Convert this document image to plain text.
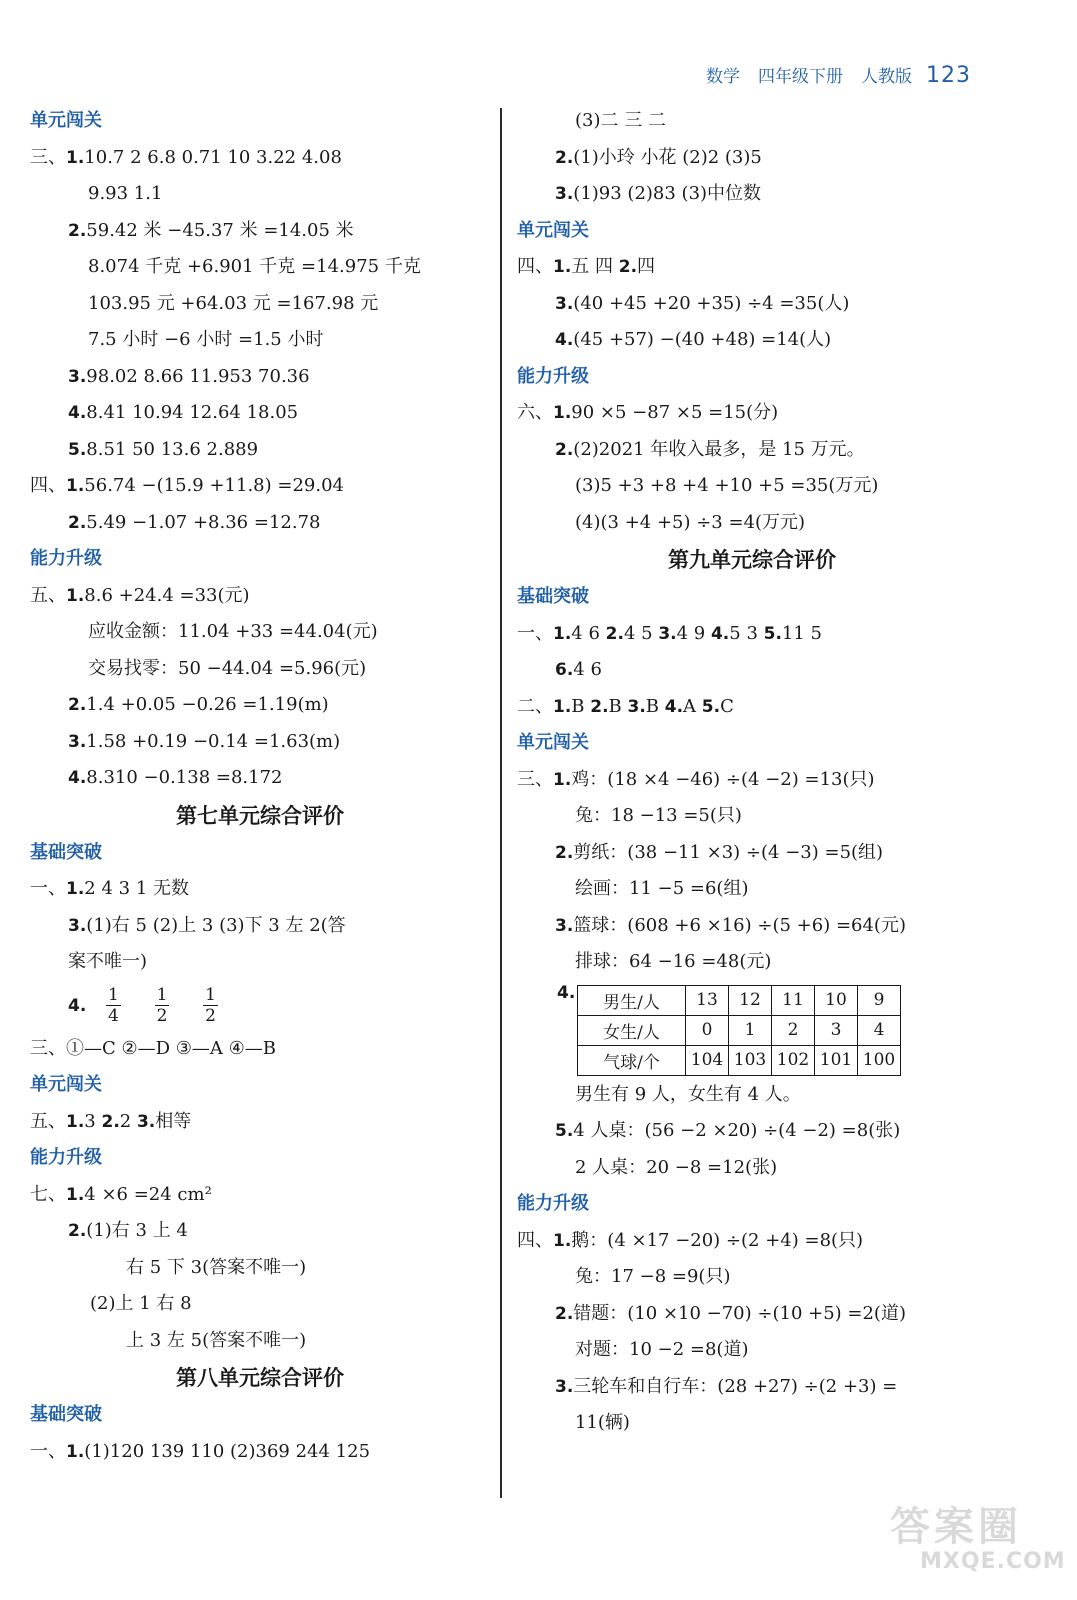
数学 四年级下册 人教版 123
单元闯关
三、1.10.7 2 6.8 0.71 10 3.22 4.08
9.93 1.1
2.59.42 米 −45.37 米 =14.05 米
8.074 千克 +6.901 千克 =14.975 千克
103.95 元 +64.03 元 =167.98 元
7.5 小时 −6 小时 =1.5 小时
3.98.02 8.66 11.953 70.36
4.8.41 10.94 12.64 18.05
5.8.51 50 13.6 2.889
四、1.56.74 −(15.9 +11.8) =29.04
2.5.49 −1.07 +8.36 =12.78
能力升级
五、1.8.6 +24.4 =33(元)
应收金额：11.04 +33 =44.04(元)
交易找零：50 −44.04 =5.96(元)
2.1.4 +0.05 −0.26 =1.19(m)
3.1.58 +0.19 −0.14 =1.63(m)
4.8.310 −0.138 =8.172
第七单元综合评价
基础突破
一、1.2 4 3 1 无数
3.(1)右 5 (2)上 3 (3)下 3 左 2(答
案不唯一)
4. $\frac{1}{4}$
$\frac{1}{2}$
$\frac{1}{2}$
三、①—C ②—D ③—A ④—B
单元闯关
五、1.3 2.2 3.相等
能力升级
七、1.4 ×6 =24 cm²
2.(1)右 3 上 4
右 5 下 3(答案不唯一)
(2)上 1 右 8
上 3 左 5(答案不唯一)
第八单元综合评价
基础突破
一、1.(1)120 139 110 (2)369 244 125
(3)二 三 二
2.(1)小玲 小花 (2)2 (3)5
3.(1)93 (2)83 (3)中位数
单元闯关
四、1.五 四 2.四
3.(40 +45 +20 +35) ÷4 =35(人)
4.(45 +57) −(40 +48) =14(人)
能力升级
六、1.90 ×5 −87 ×5 =15(分)
2.(2)2021 年收入最多，是 15 万元。
(3)5 +3 +8 +4 +10 +5 =35(万元)
(4)(3 +4 +5) ÷3 =4(万元)
第九单元综合评价
基础突破
一、1.4 6 2.4 5 3.4 9 4.5 3 5.11 5
6.4 6
二、1.B 2.B 3.B 4.A 5.C
单元闯关
三、1.鸡：(18 ×4 −46) ÷(4 −2) =13(只)
兔：18 −13 =5(只)
2.剪纸：(38 −11 ×3) ÷(4 −3) =5(组)
绘画：11 −5 =6(组)
3.篮球：(608 +6 ×16) ÷(5 +6) =64(元)
排球：64 −16 =48(元)
4. 男生/人	13	12	11	10	9
女生/人	0	1	2	3	4
气球/个	104	103	102	101	100
男生有 9 人，女生有 4 人。
5.4 人桌：(56 −2 ×20) ÷(4 −2) =8(张)
2 人桌：20 −8 =12(张)
能力升级
四、1.鹅：(4 ×17 −20) ÷(2 +4) =8(只)
兔：17 −8 =9(只)
2.错题：(10 ×10 −70) ÷(10 +5) =2(道)
对题：10 −2 =8(道)
3.三轮车和自行车：(28 +27) ÷(2 +3) =
11(辆)
答案圈
MXQE.COM
